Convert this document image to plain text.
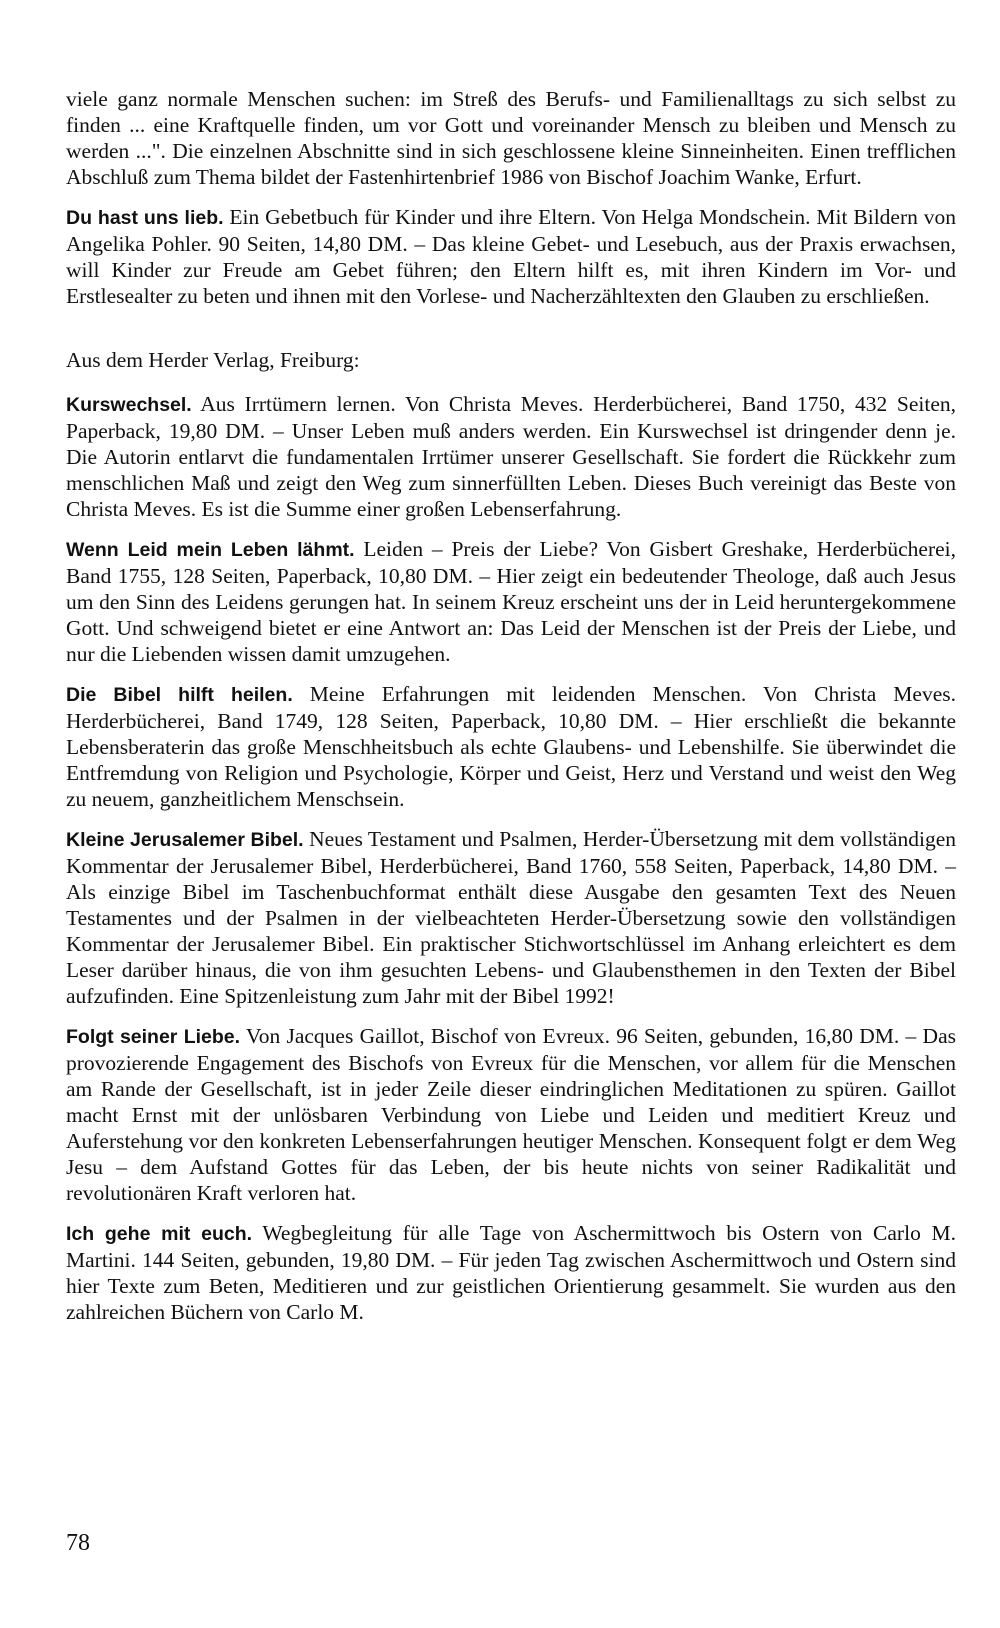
viele ganz normale Menschen suchen: im Streß des Berufs- und Familienalltags zu sich selbst zu finden ... eine Kraftquelle finden, um vor Gott und voreinander Mensch zu bleiben und Mensch zu werden ...". Die einzelnen Abschnitte sind in sich geschlossene kleine Sinneinheiten. Einen trefflichen Abschluß zum Thema bildet der Fastenhirtenbrief 1986 von Bischof Joachim Wanke, Erfurt.

Du hast uns lieb. Ein Gebetbuch für Kinder und ihre Eltern. Von Helga Mondschein. Mit Bildern von Angelika Pohler. 90 Seiten, 14,80 DM. – Das kleine Gebet- und Lesebuch, aus der Praxis erwachsen, will Kinder zur Freude am Gebet führen; den Eltern hilft es, mit ihren Kindern im Vor- und Erstlesealter zu beten und ihnen mit den Vorlese- und Nacherzähltexten den Glauben zu erschließen.

Aus dem Herder Verlag, Freiburg:

Kurswechsel. Aus Irrtümern lernen. Von Christa Meves. Herderbücherei, Band 1750, 432 Seiten, Paperback, 19,80 DM. – Unser Leben muß anders werden. Ein Kurswechsel ist dringender denn je. Die Autorin entlarvt die fundamentalen Irrtümer unserer Gesellschaft. Sie fordert die Rückkehr zum menschlichen Maß und zeigt den Weg zum sinnerfüllten Leben. Dieses Buch vereinigt das Beste von Christa Meves. Es ist die Summe einer großen Lebenserfahrung.

Wenn Leid mein Leben lähmt. Leiden – Preis der Liebe? Von Gisbert Greshake, Herderbücherei, Band 1755, 128 Seiten, Paperback, 10,80 DM. – Hier zeigt ein bedeutender Theologe, daß auch Jesus um den Sinn des Leidens gerungen hat. In seinem Kreuz erscheint uns der in Leid heruntergekommene Gott. Und schweigend bietet er eine Antwort an: Das Leid der Menschen ist der Preis der Liebe, und nur die Liebenden wissen damit umzugehen.

Die Bibel hilft heilen. Meine Erfahrungen mit leidenden Menschen. Von Christa Meves. Herderbücherei, Band 1749, 128 Seiten, Paperback, 10,80 DM. – Hier erschließt die bekannte Lebensberaterin das große Menschheitsbuch als echte Glaubens- und Lebenshilfe. Sie überwindet die Entfremdung von Religion und Psychologie, Körper und Geist, Herz und Verstand und weist den Weg zu neuem, ganzheitlichem Menschsein.

Kleine Jerusalemer Bibel. Neues Testament und Psalmen, Herder-Übersetzung mit dem vollständigen Kommentar der Jerusalemer Bibel, Herderbücherei, Band 1760, 558 Seiten, Paperback, 14,80 DM. – Als einzige Bibel im Taschenbuchformat enthält diese Ausgabe den gesamten Text des Neuen Testamentes und der Psalmen in der vielbeachteten Herder-Übersetzung sowie den vollständigen Kommentar der Jerusalemer Bibel. Ein praktischer Stichwortschlüssel im Anhang erleichtert es dem Leser darüber hinaus, die von ihm gesuchten Lebens- und Glaubensthemen in den Texten der Bibel aufzufinden. Eine Spitzenleistung zum Jahr mit der Bibel 1992!

Folgt seiner Liebe. Von Jacques Gaillot, Bischof von Evreux. 96 Seiten, gebunden, 16,80 DM. – Das provozierende Engagement des Bischofs von Evreux für die Menschen, vor allem für die Menschen am Rande der Gesellschaft, ist in jeder Zeile dieser eindringlichen Meditationen zu spüren. Gaillot macht Ernst mit der unlösbaren Verbindung von Liebe und Leiden und meditiert Kreuz und Auferstehung vor den konkreten Lebenserfahrungen heutiger Menschen. Konsequent folgt er dem Weg Jesu – dem Aufstand Gottes für das Leben, der bis heute nichts von seiner Radikalität und revolutionären Kraft verloren hat.

Ich gehe mit euch. Wegbegleitung für alle Tage von Aschermittwoch bis Ostern von Carlo M. Martini. 144 Seiten, gebunden, 19,80 DM. – Für jeden Tag zwischen Aschermittwoch und Ostern sind hier Texte zum Beten, Meditieren und zur geistlichen Orientierung gesammelt. Sie wurden aus den zahlreichen Büchern von Carlo M.

78
